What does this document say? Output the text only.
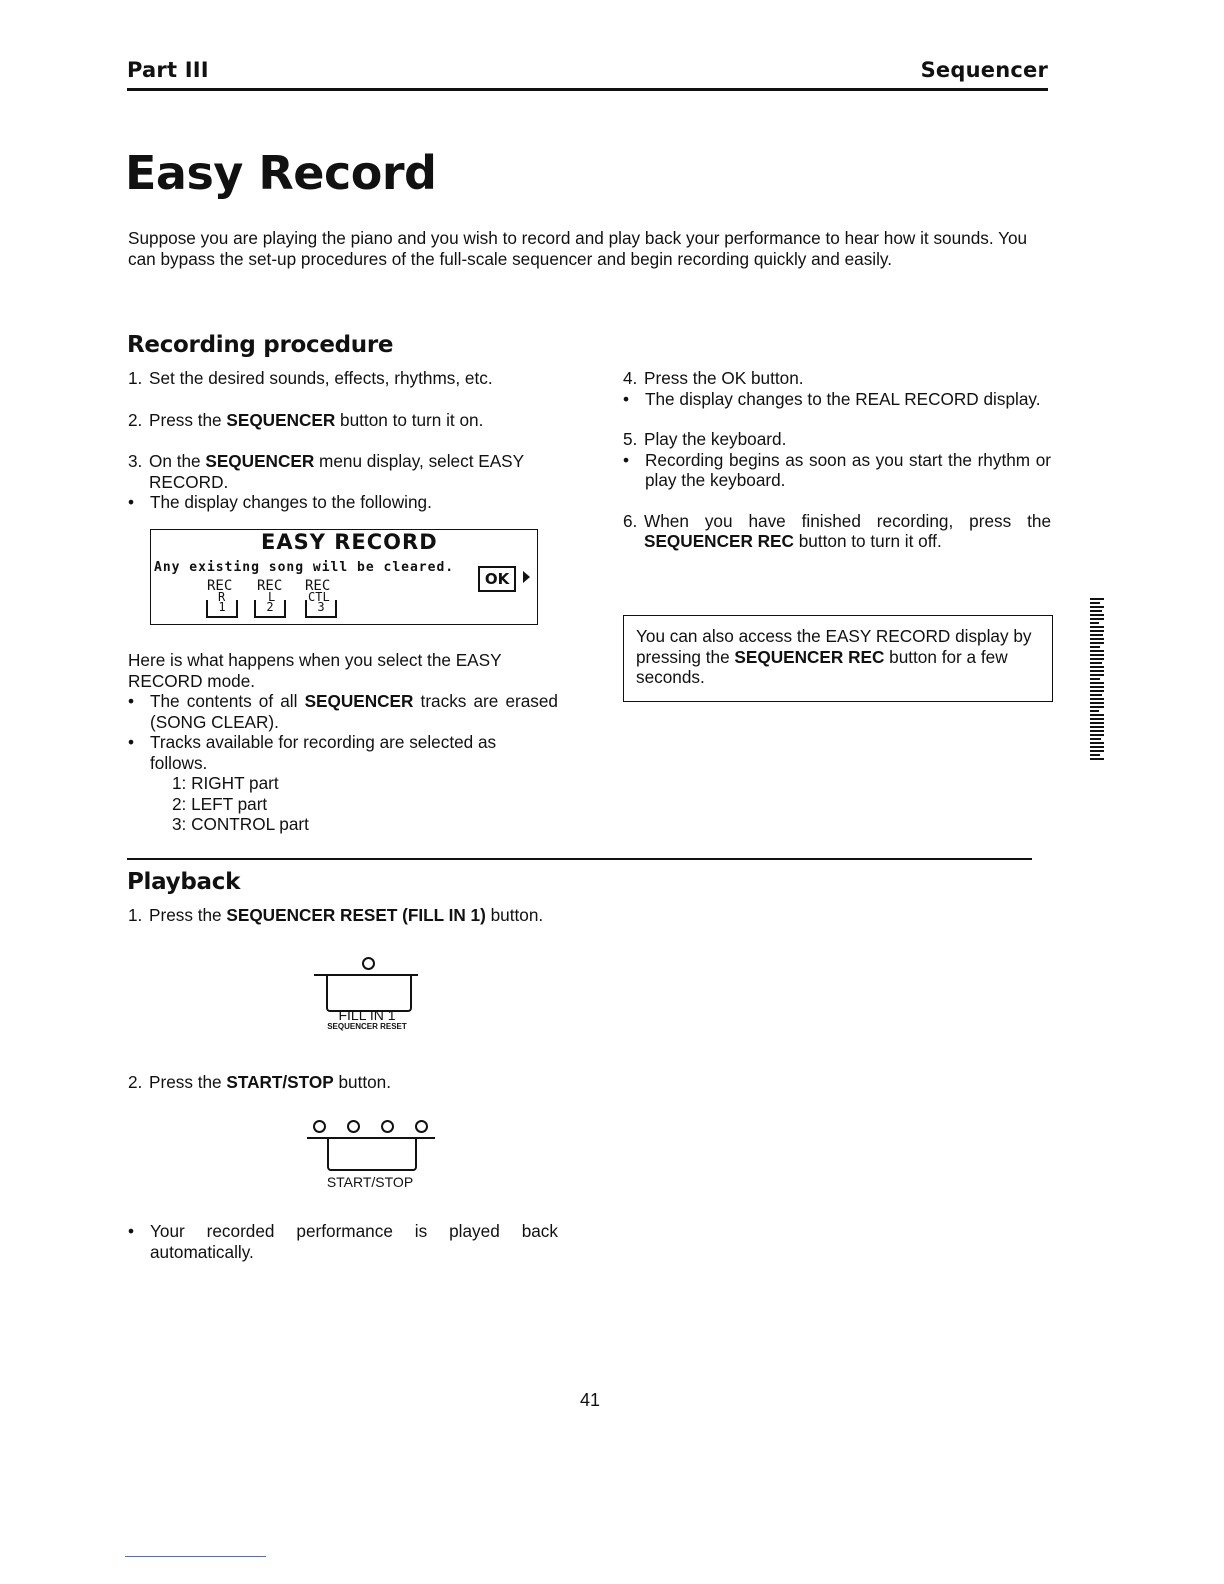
Part III	Sequencer
Easy Record
Suppose you are playing the piano and you wish to record and play back your performance to hear how it sounds. You can bypass the set-up procedures of the full-scale sequencer and begin recording quickly and easily.
Recording procedure
1. Set the desired sounds, effects, rhythms, etc.
2. Press the SEQUENCER button to turn it on.
3. On the SEQUENCER menu display, select EASY RECORD.
• The display changes to the following.
EASY RECORD
Any existing song will be cleared.
OK
REC REC REC
R	L	CTL
1	2	3
Here is what happens when you select the EASY RECORD mode.
• The contents of all SEQUENCER tracks are erased (SONG CLEAR).
• Tracks available for recording are selected as follows.
1: RIGHT part
2: LEFT part
3: CONTROL part
4. Press the OK button.
• The display changes to the REAL RECORD display.
5. Play the keyboard.
• Recording begins as soon as you start the rhythm or play the keyboard.
6. When you have finished recording, press the SEQUENCER REC button to turn it off.
You can also access the EASY RECORD display by pressing the SEQUENCER REC button for a few seconds.
Playback
1. Press the SEQUENCER RESET (FILL IN 1) button.
FILL IN 1
SEQUENCER RESET
2. Press the START/STOP button.
START/STOP
• Your recorded performance is played back automatically.
41
